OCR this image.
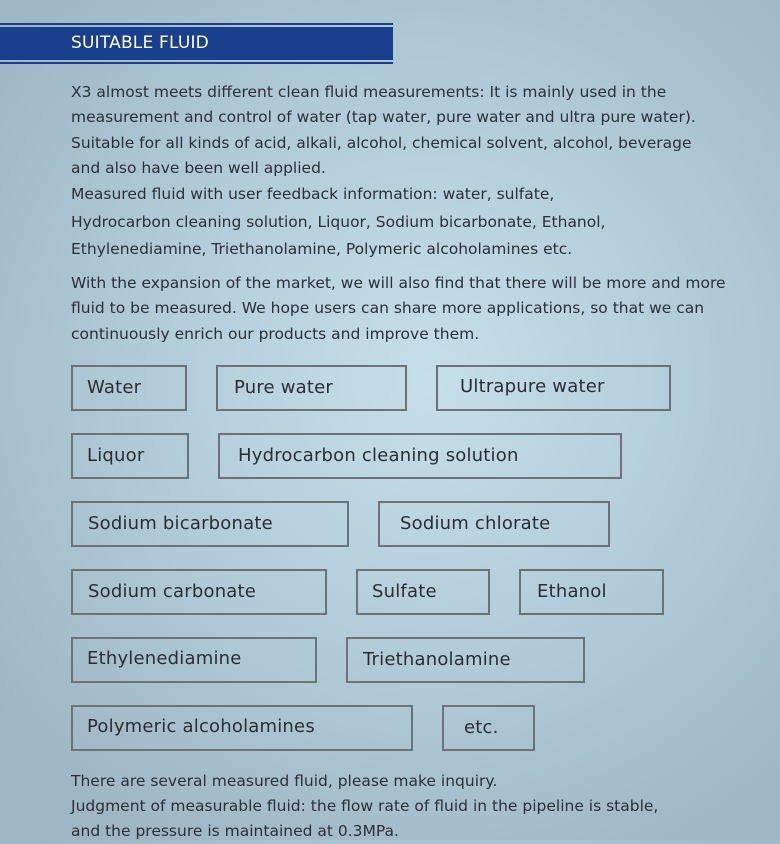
SUITABLE FLUID

X3 almost meets different clean fluid measurements: It is mainly used in the
measurement and control of water (tap water, pure water and ultra pure water).
Suitable for all kinds of acid, alkali, alcohol, chemical solvent, alcohol, beverage
and also have been well applied.

Measured fluid with user feedback information: water, sulfate,
Hydrocarbon cleaning solution, Liquor, Sodium bicarbonate, Ethanol,
Ethylenediamine, Triethanolamine, Polymeric alcoholamines etc.

With the expansion of the market, we will also find that there will be more and more
fluid to be measured. We hope users can share more applications, so that we can
continuously enrich our products and improve them.

Water	Pure water	Ultrapure water
Liquor	Hydrocarbon cleaning solution
Sodium bicarbonate	Sodium chlorate
Sodium carbonate	Sulfate	Ethanol
Ethylenediamine	Triethanolamine
Polymeric alcoholamines	etc.

There are several measured fluid, please make inquiry.
Judgment of measurable fluid: the flow rate of fluid in the pipeline is stable,
and the pressure is maintained at 0.3MPa.
